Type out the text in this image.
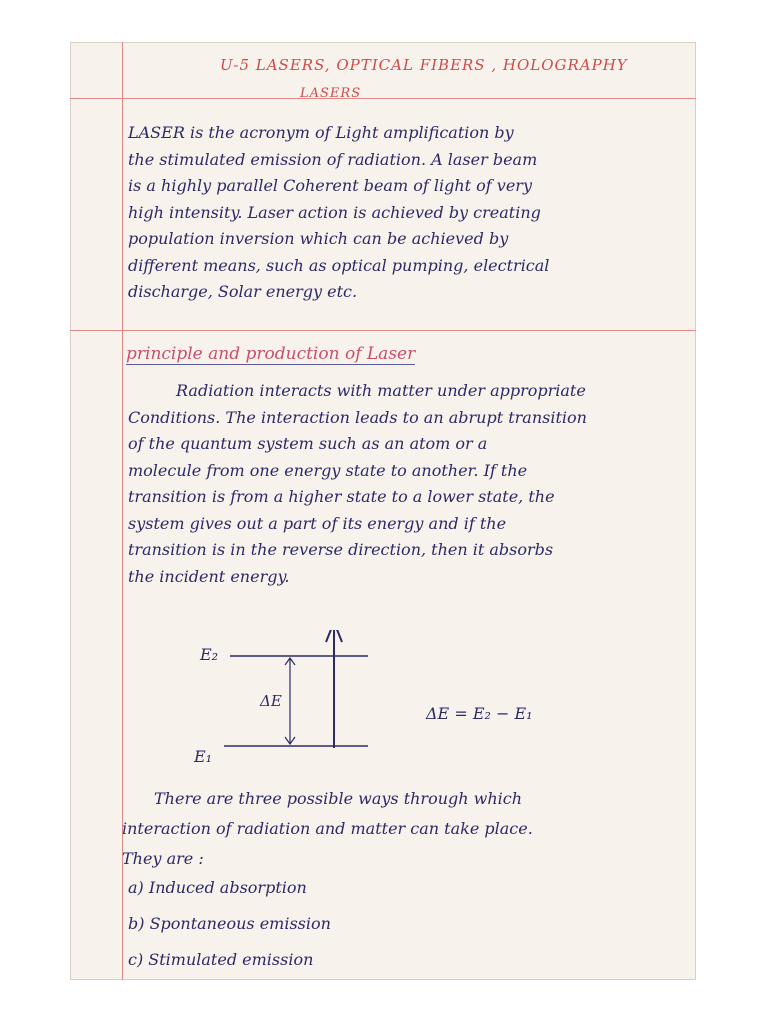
U-5 LASERS, OPTICAL FIBERS , HOLOGRAPHY
LASERS
LASER is the acronym of Light amplification by
the stimulated emission of radiation. A laser beam
is a highly parallel Coherent beam of light of very
high intensity. Laser action is achieved by creating
population inversion which can be achieved by
different means, such as optical pumping, electrical
discharge, Solar energy etc.
principle and production of Laser
Radiation interacts with matter under appropriate
Conditions. The interaction leads to an abrupt transition
of the quantum system such as an atom or a
molecule from one energy state to another. If the
transition is from a higher state to a lower state, the
system gives out a part of its energy and if the
transition is in the reverse direction, then it absorbs
the incident energy.
E₂
ΔE
E₁
ΔE = E₂ − E₁
There are three possible ways through which
interaction of radiation and matter can take place.
They are :
a) Induced absorption
b) Spontaneous emission
c) Stimulated emission
